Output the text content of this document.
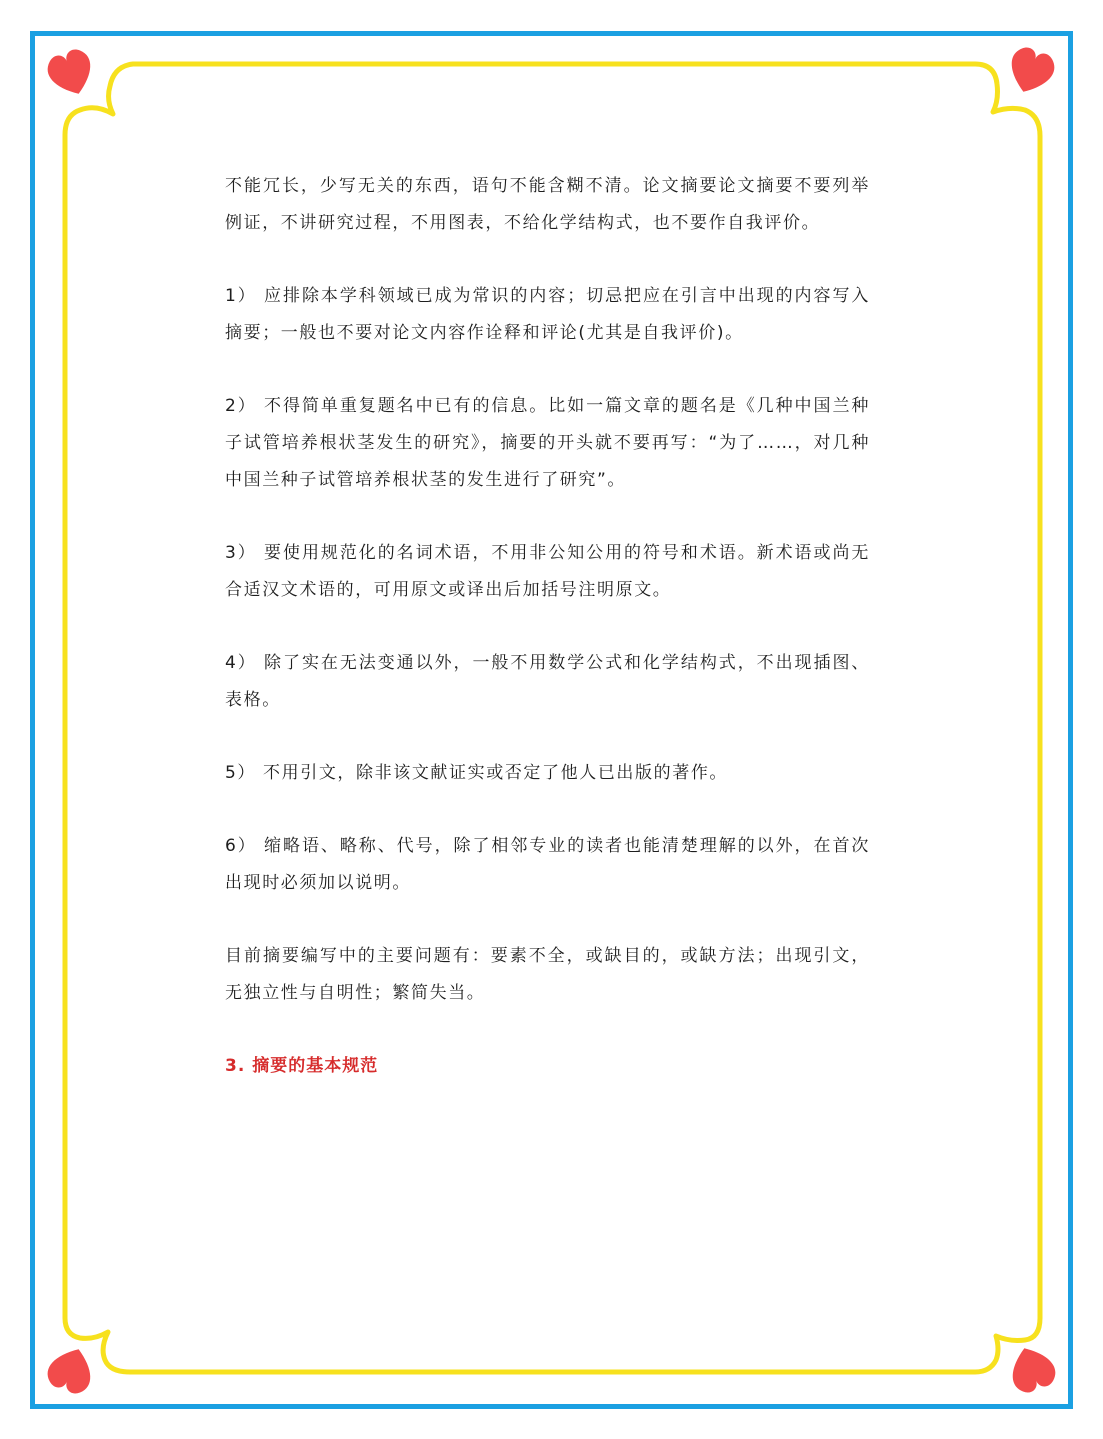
不能冗长，少写无关的东西，语句不能含糊不清。论文摘要论文摘要不要列举例证，不讲研究过程，不用图表，不给化学结构式，也不要作自我评价。

1） 应排除本学科领域已成为常识的内容；切忌把应在引言中出现的内容写入摘要；一般也不要对论文内容作诠释和评论(尤其是自我评价)。

2） 不得简单重复题名中已有的信息。比如一篇文章的题名是《几种中国兰种子试管培养根状茎发生的研究》，摘要的开头就不要再写：“为了……，对几种中国兰种子试管培养根状茎的发生进行了研究”。

3） 要使用规范化的名词术语，不用非公知公用的符号和术语。新术语或尚无合适汉文术语的，可用原文或译出后加括号注明原文。

4） 除了实在无法变通以外，一般不用数学公式和化学结构式，不出现插图、表格。

5） 不用引文，除非该文献证实或否定了他人已出版的著作。

6） 缩略语、略称、代号，除了相邻专业的读者也能清楚理解的以外，在首次出现时必须加以说明。

目前摘要编写中的主要问题有：要素不全，或缺目的，或缺方法；出现引文，无独立性与自明性；繁简失当。

3. 摘要的基本规范
